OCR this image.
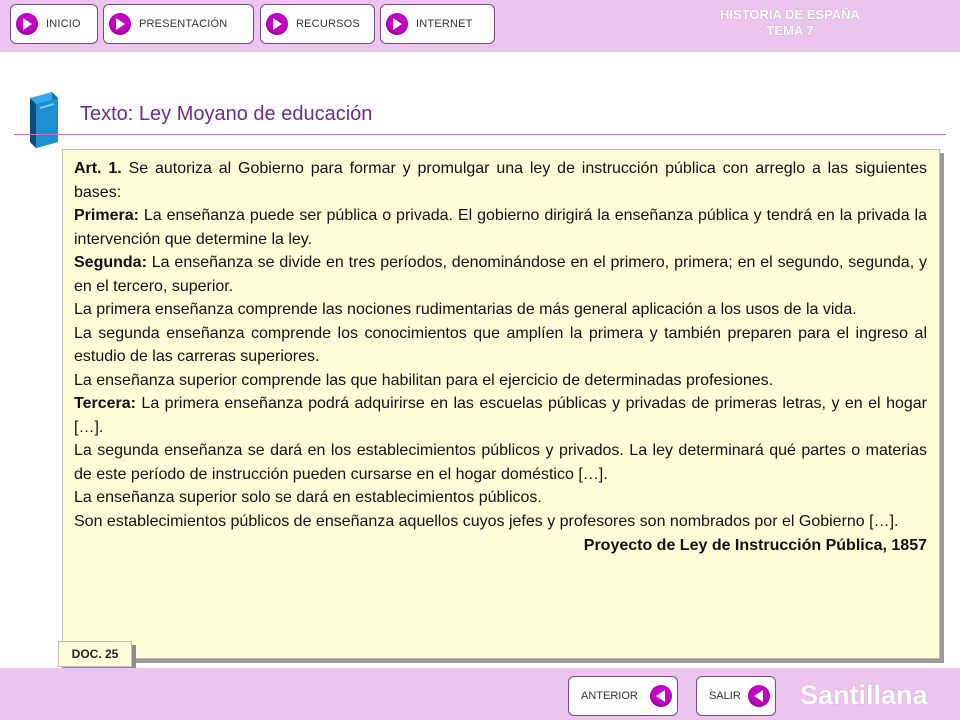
INICIO	PRESENTACIÓN	RECURSOS	INTERNET
HISTORIA DE ESPAÑA
TEMA 7
Texto: Ley Moyano de educación

Art. 1. Se autoriza al Gobierno para formar y promulgar una ley de instrucción pública con arreglo a las siguientes bases:

Primera: La enseñanza puede ser pública o privada. El gobierno dirigirá la enseñanza pública y tendrá en la privada la intervención que determine la ley.

Segunda: La enseñanza se divide en tres períodos, denominándose en el primero, primera; en el segundo, segunda, y en el tercero, superior.

La primera enseñanza comprende las nociones rudimentarias de más general aplicación a los usos de la vida.

La segunda enseñanza comprende los conocimientos que amplíen la primera y también preparen para el ingreso al estudio de las carreras superiores.

La enseñanza superior comprende las que habilitan para el ejercicio de determinadas profesiones.

Tercera: La primera enseñanza podrá adquirirse en las escuelas públicas y privadas de primeras letras, y en el hogar […].

La segunda enseñanza se dará en los establecimientos públicos y privados. La ley determinará qué partes o materias de este período de instrucción pueden cursarse en el hogar doméstico […].

La enseñanza superior solo se dará en establecimientos públicos.

Son establecimientos públicos de enseñanza aquellos cuyos jefes y profesores son nombrados por el Gobierno […].

Proyecto de Ley de Instrucción Pública, 1857

DOC. 25
ANTERIOR	SALIR Santillana
